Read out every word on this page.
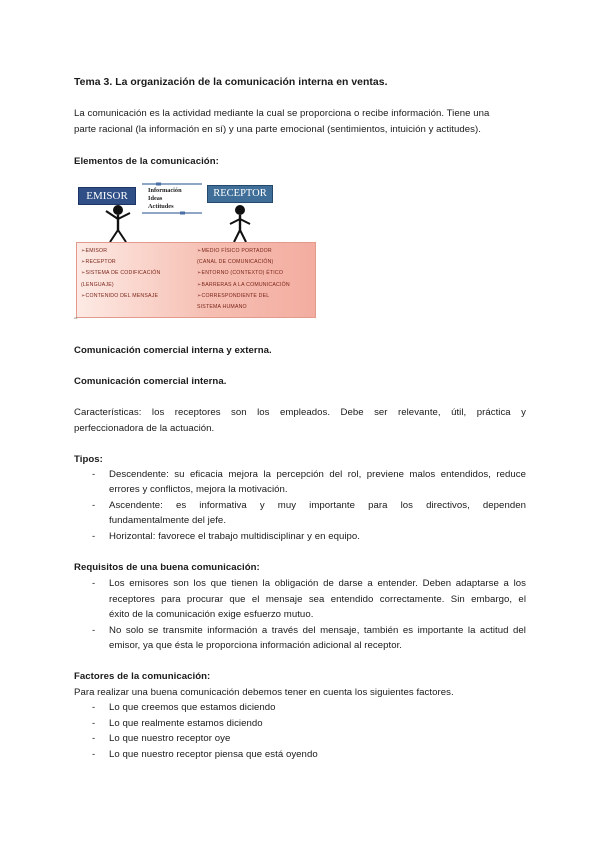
Tema 3. La organización de la comunicación interna en ventas.
La comunicación es la actividad mediante la cual se proporciona o recibe información. Tiene una
parte racional (la información en sí) y una parte emocional (sentimientos, intuición y actitudes).
Elementos de la comunicación:
EMISOR	RECEPTOR
Información
Ideas
Actitudes
➢EMISOR
➢RECEPTOR
➢SISTEMA DE CODIFICACIÓN
(LENGUAJE)
➢CONTENIDO DEL MENSAJE
➢MEDIO FÍSICO PORTADOR
(CANAL DE COMUNICACIÓN)
➢ENTORNO (CONTEXTO) ÉTICO
➢BARRERAS A LA COMUNICACIÓN
➢CORRESPONDIENTE DEL
SISTEMA HUMANO
A1
Comunicación comercial interna y externa.
Comunicación comercial interna.
Características: los receptores son los empleados. Debe ser relevante, útil, práctica y
perfeccionadora de la actuación.
Tipos:
- Descendente: su eficacia mejora la percepción del rol, previene malos entendidos, reduce
errores y conflictos, mejora la motivación.
- Ascendente: es informativa y muy importante para los directivos, dependen
fundamentalmente del jefe.
- Horizontal: favorece el trabajo multidisciplinar y en equipo.
Requisitos de una buena comunicación:
- Los emisores son los que tienen la obligación de darse a entender. Deben adaptarse a los
receptores para procurar que el mensaje sea entendido correctamente. Sin embargo, el
éxito de la comunicación exige esfuerzo mutuo.
- No solo se transmite información a través del mensaje, también es importante la actitud del
emisor, ya que ésta le proporciona información adicional al receptor.
Factores de la comunicación:
Para realizar una buena comunicación debemos tener en cuenta los siguientes factores.
- Lo que creemos que estamos diciendo
- Lo que realmente estamos diciendo
- Lo que nuestro receptor oye
- Lo que nuestro receptor piensa que está oyendo
